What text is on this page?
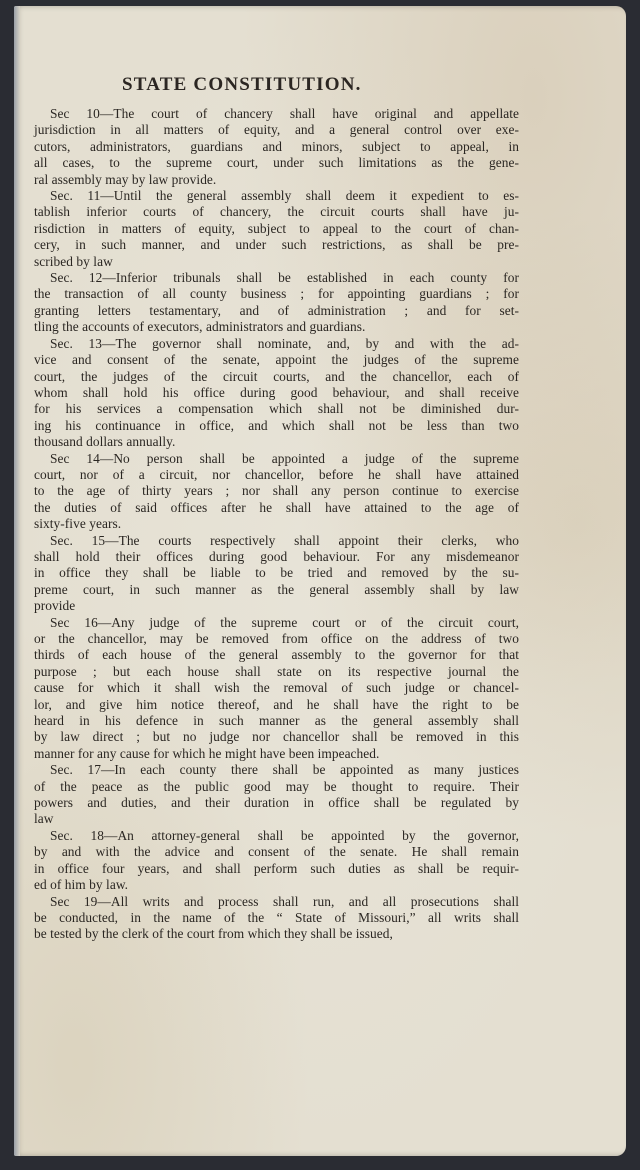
STATE CONSTITUTION.
Sec 10—The court of chancery shall have original and appellate
jurisdiction in all matters of equity, and a general control over exe-
cutors, administrators, guardians and minors, subject to appeal, in
all cases, to the supreme court, under such limitations as the gene-
ral assembly may by law provide.
Sec. 11—Until the general assembly shall deem it expedient to es-
tablish inferior courts of chancery, the circuit courts shall have ju-
risdiction in matters of equity, subject to appeal to the court of chan-
cery, in such manner, and under such restrictions, as shall be pre-
scribed by law
Sec. 12—Inferior tribunals shall be established in each county for
the transaction of all county business ; for appointing guardians ; for
granting letters testamentary, and of administration ; and for set-
tling the accounts of executors, administrators and guardians.
Sec. 13—The governor shall nominate, and, by and with the ad-
vice and consent of the senate, appoint the judges of the supreme
court, the judges of the circuit courts, and the chancellor, each of
whom shall hold his office during good behaviour, and shall receive
for his services a compensation which shall not be diminished dur-
ing his continuance in office, and which shall not be less than two
thousand dollars annually.
Sec 14—No person shall be appointed a judge of the supreme
court, nor of a circuit, nor chancellor, before he shall have attained
to the age of thirty years ; nor shall any person continue to exercise
the duties of said offices after he shall have attained to the age of
sixty-five years.
Sec. 15—The courts respectively shall appoint their clerks, who
shall hold their offices during good behaviour. For any misdemeanor
in office they shall be liable to be tried and removed by the su-
preme court, in such manner as the general assembly shall by law
provide
Sec 16—Any judge of the supreme court or of the circuit court,
or the chancellor, may be removed from office on the address of two
thirds of each house of the general assembly to the governor for that
purpose ; but each house shall state on its respective journal the
cause for which it shall wish the removal of such judge or chancel-
lor, and give him notice thereof, and he shall have the right to be
heard in his defence in such manner as the general assembly shall
by law direct ; but no judge nor chancellor shall be removed in this
manner for any cause for which he might have been impeached.
Sec. 17—In each county there shall be appointed as many justices
of the peace as the public good may be thought to require. Their
powers and duties, and their duration in office shall be regulated by
law
Sec. 18—An attorney-general shall be appointed by the governor,
by and with the advice and consent of the senate. He shall remain
in office four years, and shall perform such duties as shall be requir-
ed of him by law.
Sec 19—All writs and process shall run, and all prosecutions shall
be conducted, in the name of the “ State of Missouri,” all writs shall
be tested by the clerk of the court from which they shall be issued,
